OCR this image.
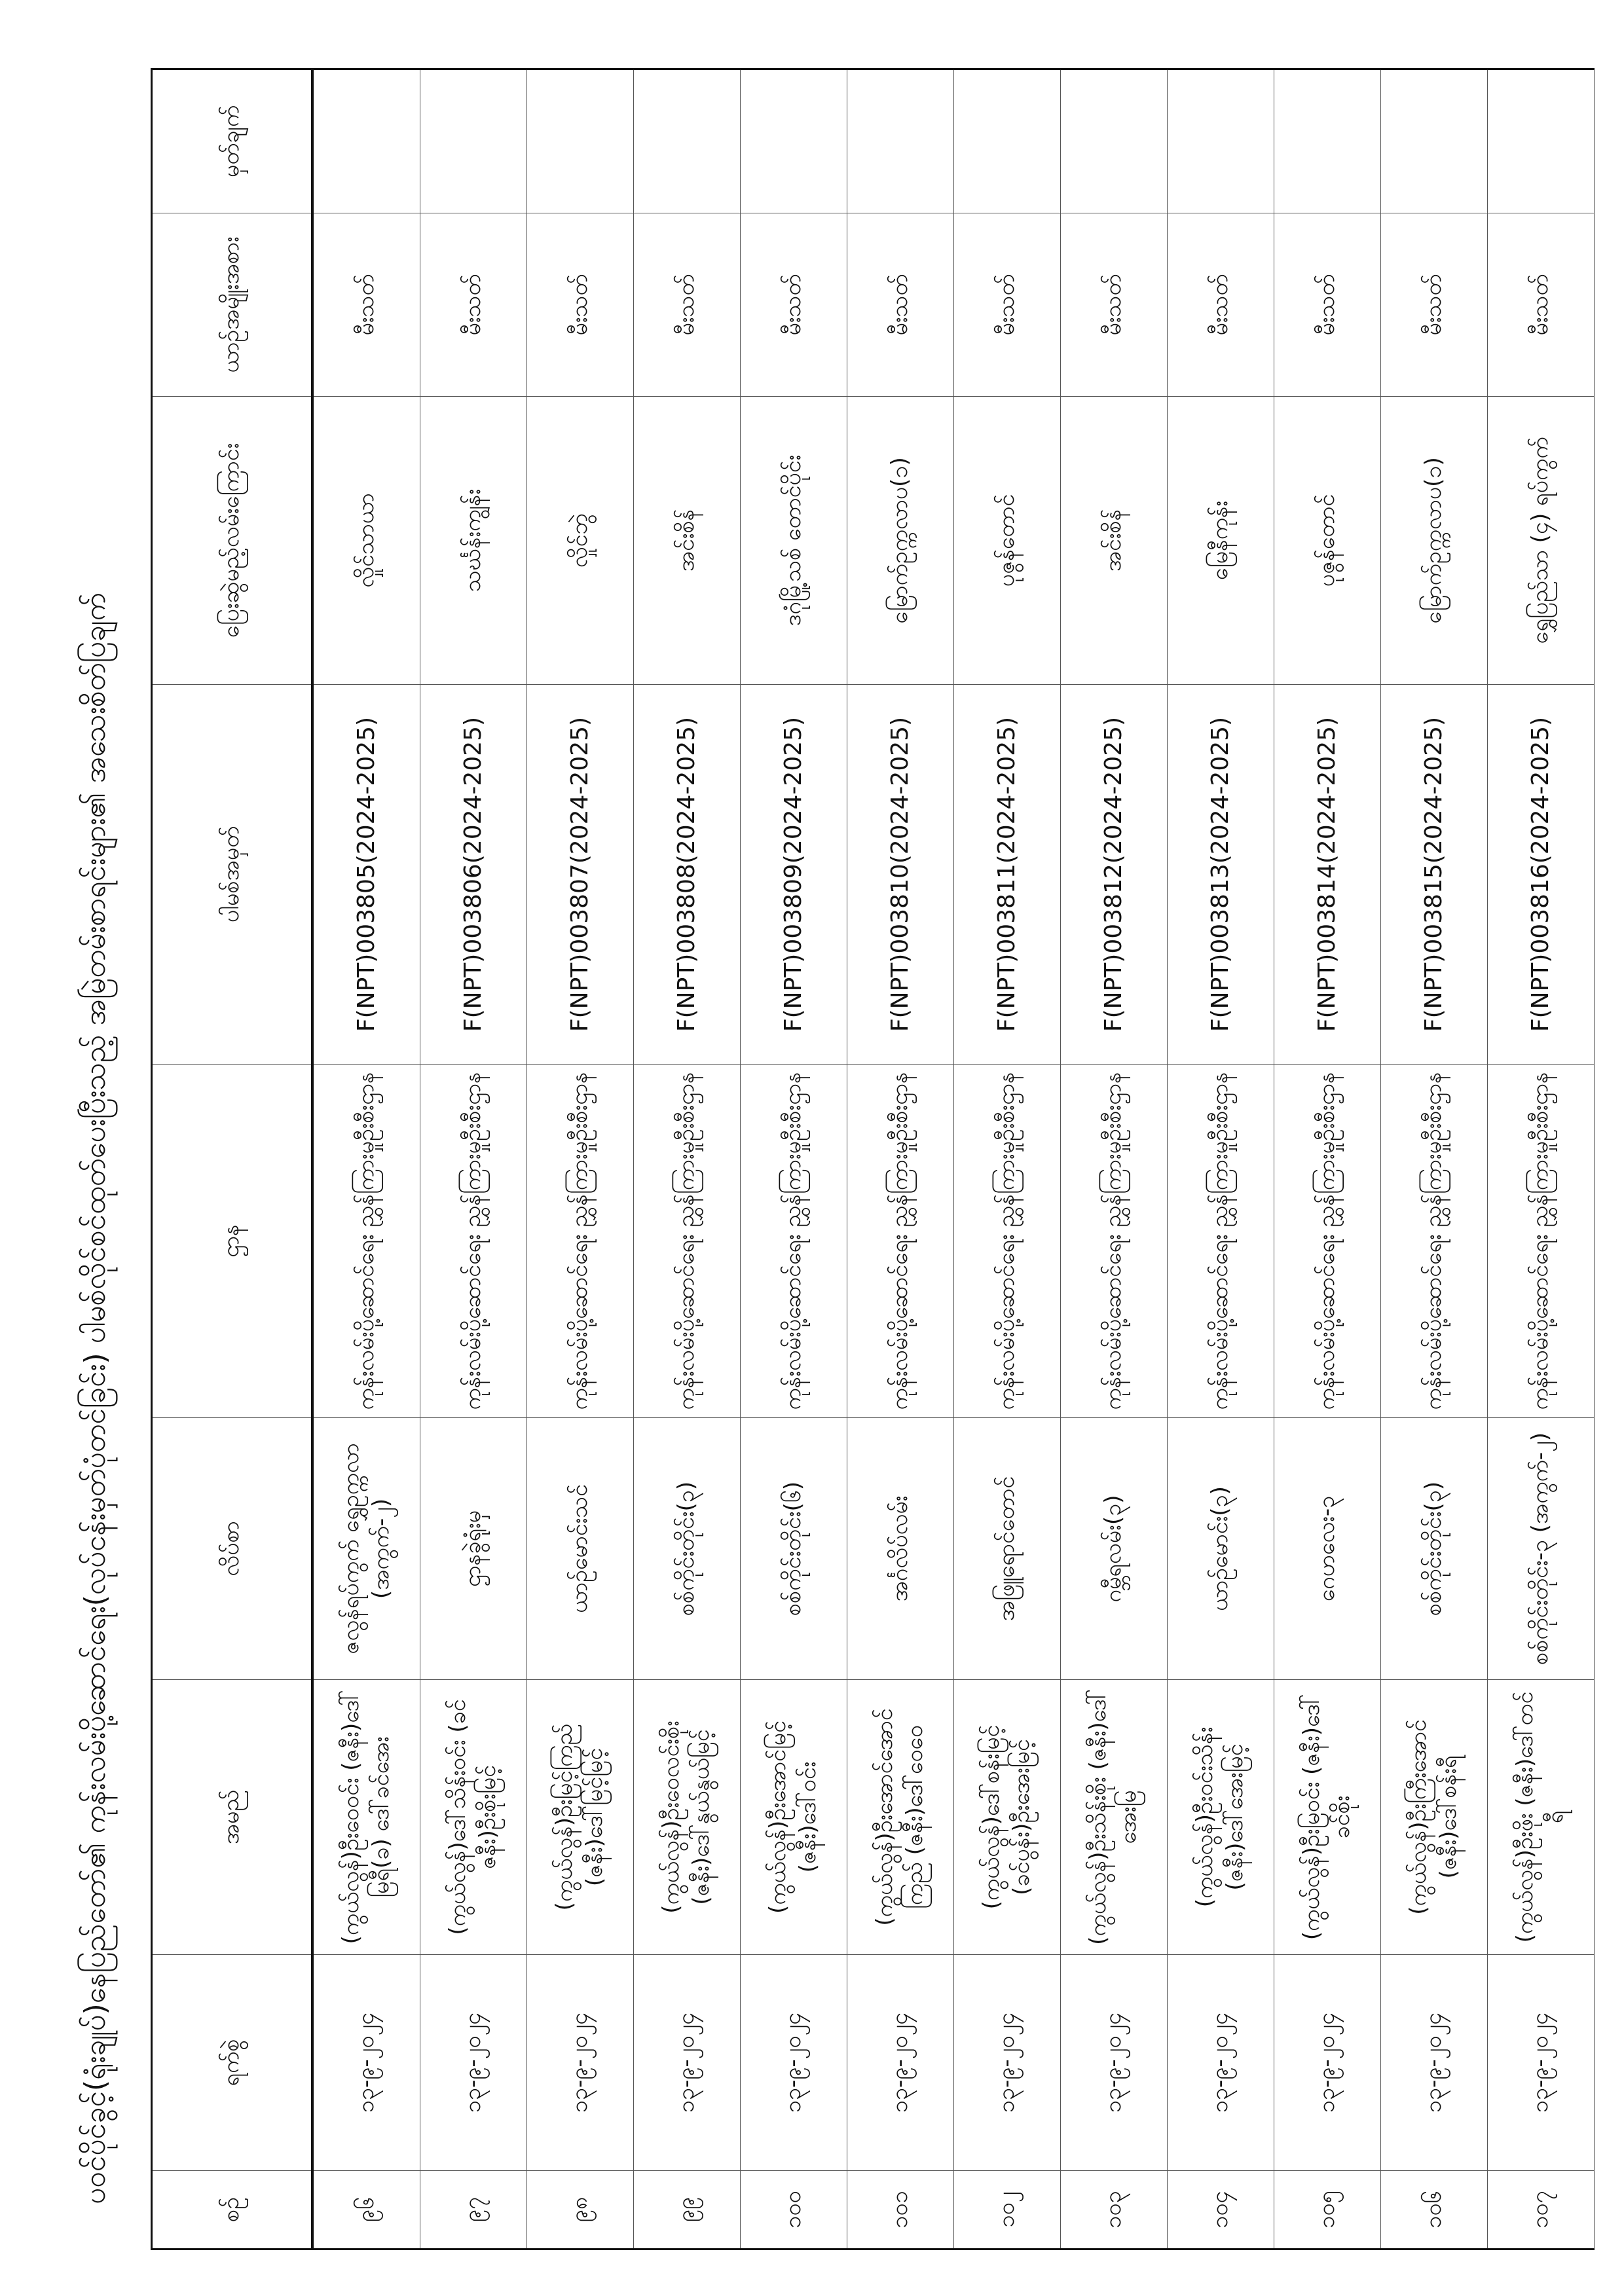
ပဝင်ပိုင်ခွင့်(ရုံးချုပ်)နေပြည်တော်၏ ကုန်းလမ်းပို့ဆောင်ရေး(လုပ်ငန်းမှတ်ပုံတင်ခြင်း) ပါမစ်လိုင်စင်ထုတ်ပေးပြီးသည့် အမြဲတမ်းစာရင်းများ၏ အသေးစိတ်ပြချက်
စဉ်	ရက်စွဲ	အမည်	လိပ်စာ	ဌာန	ပါမစ်အမှတ်	ပြေးဆွဲမည့်လမ်းကြောင်း	ယာဉ်အမျိုးအစား	မှတ်ချက်
၉၆	၁၃-၉-၂၀၂၄	(ကွယ်လွန်)ဦးဝေဝင်း (ဇနီး)ဒေါ်မြရီ(ခ) ဒေါ်ခင်အေး	ဇလွန်ရပ်ကွက် ရွှေဥက္ကလာ (အကွက်-၂)	ကုန်းလမ်းပို့ဆောင်ရေး ညွှန်ကြားမှုဦးစီးဌာန	F(NPT)003805(2024-2025)	လှိုင်သာယာ	မီးသတ်	
၉၇	၁၃-၉-၂၀၂၄	(ကွယ်လွန်)ဒေါ်သိန်းဝင်း (ခင်ဇနီး)ဦးစိုးမြင့်	ဌာနခွဲရုံးမှ	ကုန်းလမ်းပို့ဆောင်ရေး ညွှန်ကြားမှုဦးစီးဌာန	F(NPT)003806(2024-2025)	သင်္ဃန်းကျွန်း	မီးသတ်	
၉၈	၁၃-၉-၂၀၂၄	(ကွယ်လွန်)ဦးမြင့်ကြည် (ဇနီး)ဒေါ်မြင့်မြင့်	ယာဉ်မောင်းသင်	ကုန်းလမ်းပို့ဆောင်ရေး ညွှန်ကြားမှုဦးစီးဌာန	F(NPT)003807(2024-2025)	လှိုင်ဘွဲ	မီးသတ်	
၉၉	၁၃-၉-၂၀၂၄	(ကွယ်လွန်)ဦးဝေလင်းစိုး (ဇနီး)ဒေါ်နွယ်နွယ်မြင့်	စစ်ကိုင်းတိုင်း(၃)	ကုန်းလမ်းပို့ဆောင်ရေး ညွှန်ကြားမှုဦးစီးဌာန	F(NPT)003808(2024-2025)	အင်းစိန်	မီးသတ်	
၁၀၀	၁၃-၉-၂၀၂၄	(ကွယ်လွန်)ဦးအောင်မြင့် (ဇနီး)ဒေါ်ဝင်း	စစ်ကိုင်းတိုင်း(၆)	ကုန်းလမ်းပို့ဆောင်ရေး ညွှန်ကြားမှုဦးစီးဌာန	F(NPT)003809(2024-2025)	ဒဂုံမြို့သစ် တောင်ပိုင်း	မီးသတ်	
၁၀၁	၁၃-၉-၂၀၂၄	(ကွယ်လွန်)ဦးအောင်အောင်ကြည် (ဇနီး)ဒေါ်ဝေဝေ	အင်္ဂလိပ်လမ်း	ကုန်းလမ်းပို့ဆောင်ရေး ညွှန်ကြားမှုဦးစီးဌာန	F(NPT)003810(2024-2025)	မြောက်ဥက္ကလာပ(၁)	မီးသတ်	
၁၀၂	၁၃-၉-၂၀၂၄	(ကွယ်လွန်)ဒေါ်စန်းမြင့် (ခင်ပွန်း)ဦးအေးမြင့်	အဖြူရောင်တောင်	ကုန်းလမ်းပို့ဆောင်ရေး ညွှန်ကြားမှုဦးစီးဌာန	F(NPT)003811(2024-2025)	ပုဇွန်တောင်	မီးသတ်	
၁၀၃	၁၃-၉-၂၀၂၄	(ကွယ်လွန်)ဦးသိန်းစိုး (ဇနီး)ဒေါ်အေးမြ	ဂမ္ဘီရလမ်း(၃)	ကုန်းလမ်းပို့ဆောင်ရေး ညွှန်ကြားမှုဦးစီးဌာန	F(NPT)003812(2024-2025)	အင်းစိန်	မီးသတ်	
၁၀၄	၁၃-၉-၂၀၂၄	(ကွယ်လွန်)ဦးဝင်းသိန်း (ဇနီး)ဒေါ်အေးမြင့်	ယာဉ်မောင်း(၃)	ကုန်းလမ်းပို့ဆောင်ရေး ညွှန်ကြားမှုဦးစီးဌာန	F(NPT)003813(2024-2025)	မြေနီကုန်း	မီးသတ်	
၁၀၅	၁၃-၉-၂၀၂၄	(ကွယ်လွန်)ဦးမြဝင်း (ဇနီး)ဒေါ်ခင်စိုး	ဂေဟလေး-၃	ကုန်းလမ်းပို့ဆောင်ရေး ညွှန်ကြားမှုဦးစီးဌာန	F(NPT)003814(2024-2025)	ပုဇွန်တောင်	မီးသတ်	
၁၀၆	၁၃-၉-၂၀၂၄	(ကွယ်လွန်)ဦးကြီးအောင် (ဇနီး)ဒေါ်စန်းရီ	စစ်ကိုင်းတိုင်း(၃)	ကုန်းလမ်းပို့ဆောင်ရေး ညွှန်ကြားမှုဦးစီးဌာန	F(NPT)003815(2024-2025)	မြောက်ဥက္ကလာပ(၁)	မီးသတ်	
၁၀၇	၁၃-၉-၂၀၂၄	(ကွယ်လွန်)ဦးဖိုး (ဇနီး)ဒေါ်တင်ရီ	စစ်ကိုင်းတိုင်း-၃ (အကွက်-၂)	ကုန်းလမ်းပို့ဆောင်ရေး ညွှန်ကြားမှုဦးစီးဌာန	F(NPT)003816(2024-2025)	ရွှေပြည်သာ (၄) ရပ်ကွက်	မီးသတ်	
